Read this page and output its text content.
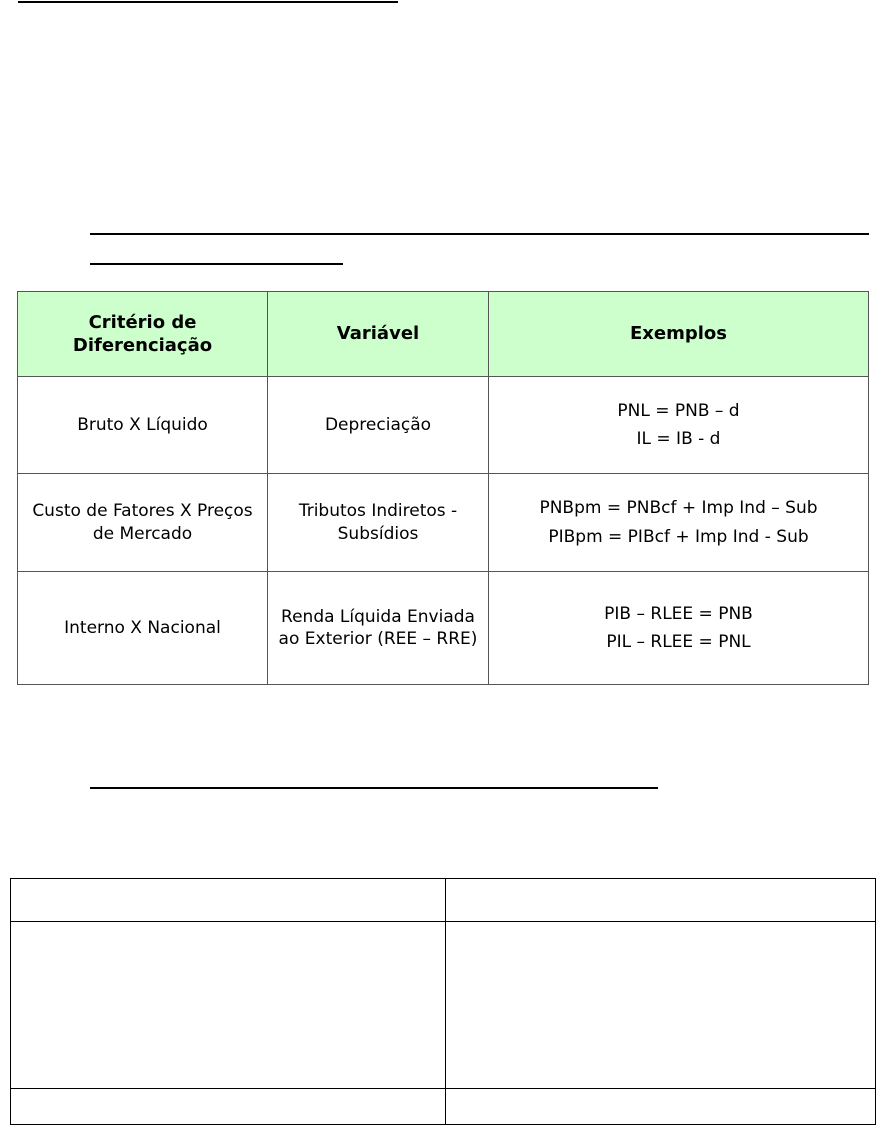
Critério de Diferenciação	Variável	Exemplos
Bruto X Líquido	Depreciação	PNL = PNB – d
IL = IB - d

Custo de Fatores X Preços de Mercado	Tributos Indiretos - Subsídios	PNBpm = PNBcf + Imp Ind – Sub
PIBpm = PIBcf + Imp Ind - Sub

Interno X Nacional	Renda Líquida Enviada ao Exterior (REE – RRE)	PIB – RLEE = PNB
PIL – RLEE = PNL
